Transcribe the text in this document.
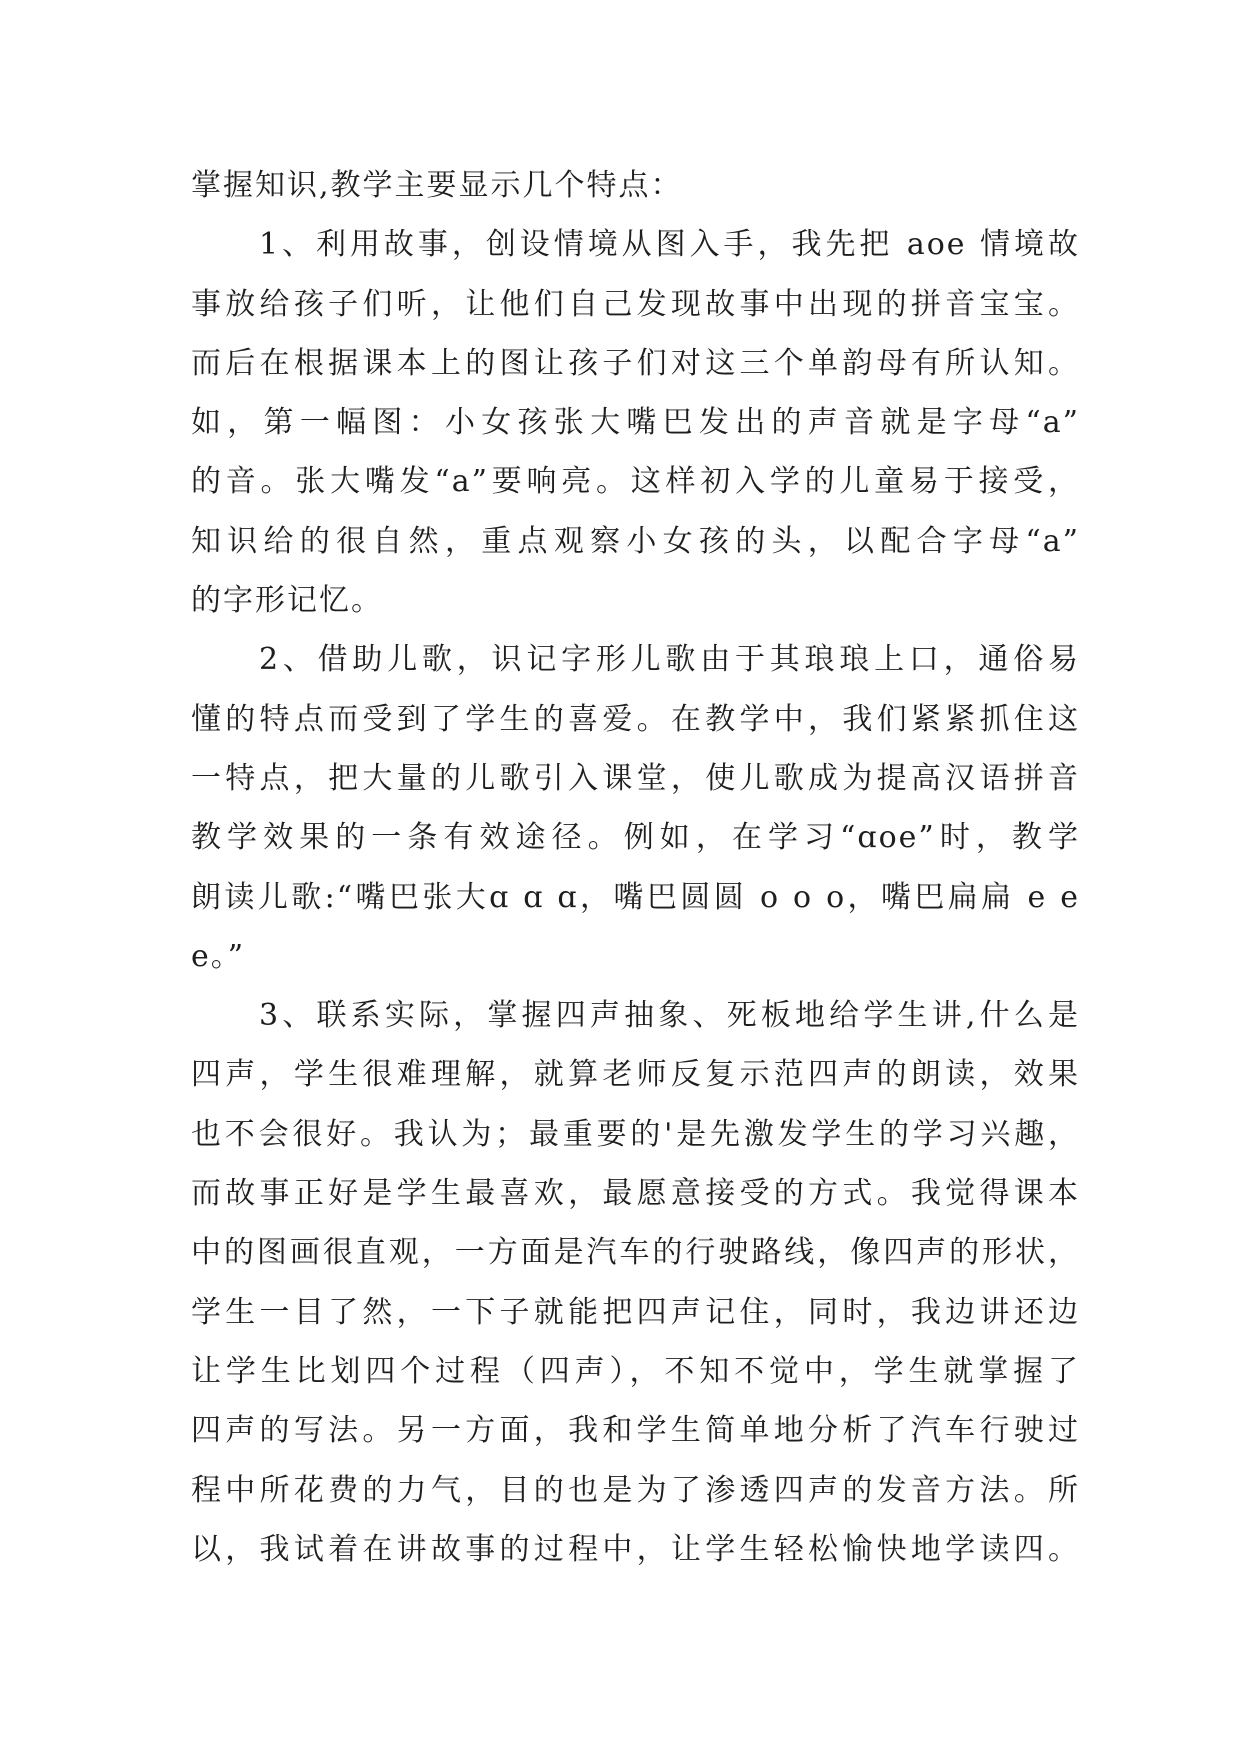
掌握知识,教学主要显示几个特点：
1、利用故事，创设情境从图入手，我先把 aoe 情境故
事放给孩子们听，让他们自己发现故事中出现的拼音宝宝。
而后在根据课本上的图让孩子们对这三个单韵母有所认知。
如，第一幅图：小女孩张大嘴巴发出的声音就是字母“a”
的音。张大嘴发“a”要响亮。这样初入学的儿童易于接受，
知识给的很自然，重点观察小女孩的头，以配合字母“a”
的字形记忆。
2、借助儿歌，识记字形儿歌由于其琅琅上口，通俗易
懂的特点而受到了学生的喜爱。在教学中，我们紧紧抓住这
一特点，把大量的儿歌引入课堂，使儿歌成为提高汉语拼音
教学效果的一条有效途径。例如，在学习“ɑoe”时，教学
朗读儿歌:“嘴巴张大ɑ ɑ ɑ，嘴巴圆圆 o o o，嘴巴扁扁 e e
e。”
3、联系实际，掌握四声抽象、死板地给学生讲,什么是
四声，学生很难理解，就算老师反复示范四声的朗读，效果
也不会很好。我认为；最重要的'是先激发学生的学习兴趣，
而故事正好是学生最喜欢，最愿意接受的方式。我觉得课本
中的图画很直观，一方面是汽车的行驶路线，像四声的形状，
学生一目了然，一下子就能把四声记住，同时，我边讲还边
让学生比划四个过程（四声），不知不觉中，学生就掌握了
四声的写法。另一方面，我和学生简单地分析了汽车行驶过
程中所花费的力气，目的也是为了渗透四声的发音方法。所
以，我试着在讲故事的过程中，让学生轻松愉快地学读四。
